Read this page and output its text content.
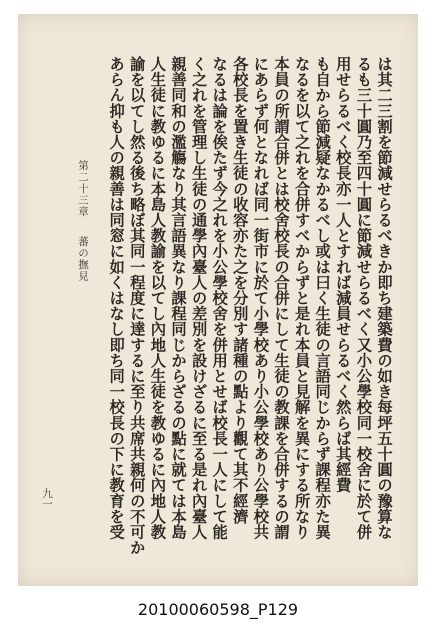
は其二三割を節減せらるべきか即ち建築費の如き每坪五十圓の豫算な
るも三十圓乃至四十圓に節減せらるべく又小公學校同一校舍に於て併
用せらるべく校長亦一人とすれば減員せらるべく然らば其經費
も自から節減疑なかるべし或は曰く生徒の言語同じからず課程亦た異
なるを以て之れを合併すべからずと是れ本員と見解を異にする所なり
本員の所謂合併とは校舍校長の合併にして生徒の教課を合併するの謂
にあらず何となれば同一街市に於て小學校あり小公學校あり公學校共
各校長を置き生徒の收容亦た之を分別す諸種の點より觀て其不經濟
なるは論を俟たず今之れを小公學校舍を併用とせば校長一人にして能
く之れを管理し生徒の通學內臺人の差別を設けざるに至る是れ內臺人
親善同和の濫觴なり其言語異なり課程同じからざるの點に就ては本島
人生徒に教ゆるに本島人教諭を以てし內地人生徒を教ゆるに內地人教
諭を以てし然る後ち略ぼ其同一程度に達するに至り共席共親何の不可か
あらん抑も人の親善は同窓に如くはなし即ち同一校長の下に教育を受
第二十三章
蕃の撫見
九一
20100060598_P129
